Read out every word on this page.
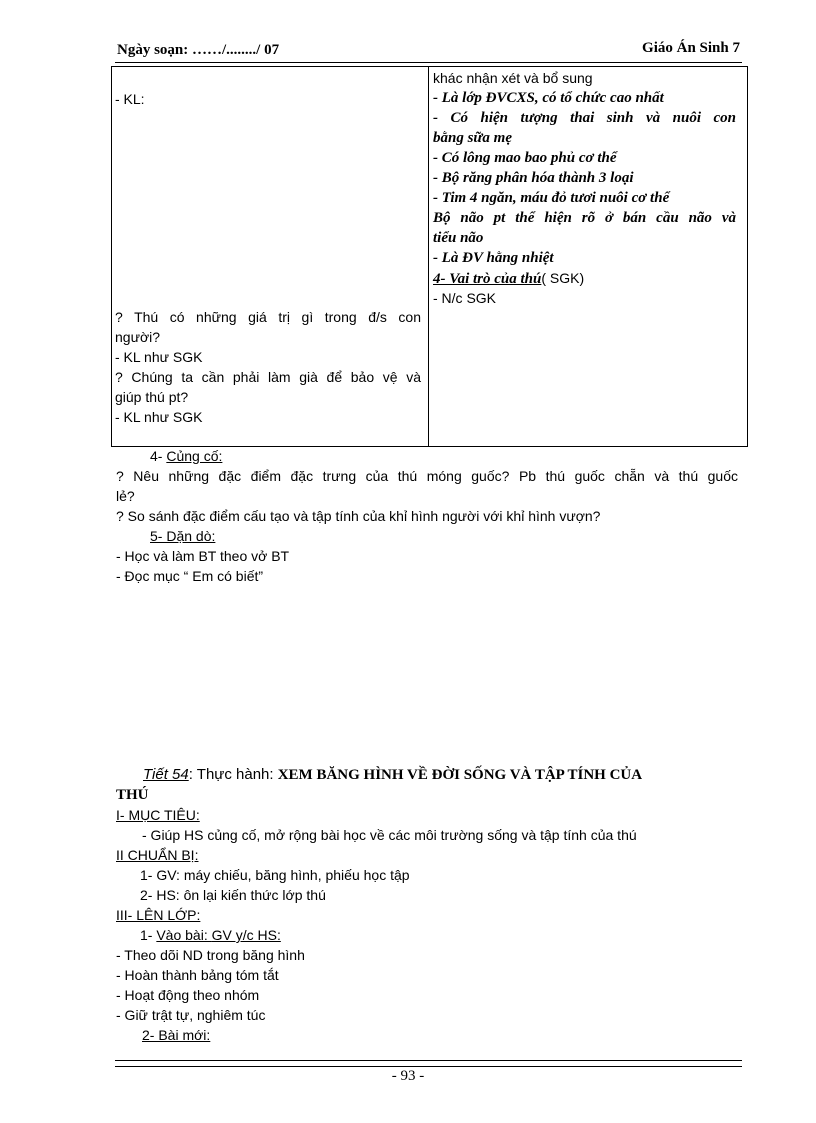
Ngày soạn: ……/......../ 07	Giáo Án Sinh 7
- KL:
? Thú có những giá trị gì trong đ/s con
người?
- KL như SGK
? Chúng ta cần phải làm già để bảo vệ và
giúp thú pt?
- KL như SGK
khác nhận xét và bổ sung
- Là lớp ĐVCXS, có tổ chức cao nhất
- Có hiện tượng thai sinh và nuôi con
bằng sữa mẹ
- Có lông mao bao phủ cơ thể
- Bộ răng phân hóa thành 3 loại
- Tim 4 ngăn, máu đỏ tươi nuôi cơ thể
Bộ não pt thể hiện rõ ở bán cầu não và
tiểu não
- Là ĐV hằng nhiệt
4- Vai trò của thú( SGK)
- N/c SGK
4- Củng cố:
? Nêu những đặc điểm đặc trưng của thú móng guốc? Pb thú guốc chẵn và thú guốc
lẻ?
? So sánh đặc điểm cấu tạo và tập tính của khỉ hình người với khỉ hình vượn?
5- Dặn dò:
- Học và làm BT theo vở BT
- Đọc mục “ Em có biết”
Tiết 54: Thực hành: XEM BĂNG HÌNH VỀ ĐỜI SỐNG VÀ TẬP TÍNH CỦA
THÚ
I- MỤC TIÊU:
- Giúp HS củng cố, mở rộng bài học về các môi trường sống và tập tính của thú
II CHUẨN BỊ:
1- GV: máy chiếu, băng hình, phiếu học tập
2- HS: ôn lại kiến thức lớp thú
III- LÊN LỚP:
1- Vào bài: GV y/c HS:
- Theo dõi ND trong băng hình
- Hoàn thành bảng tóm tắt
- Hoạt động theo nhóm
- Giữ trật tự, nghiêm túc
2- Bài mới:
- 93 -
